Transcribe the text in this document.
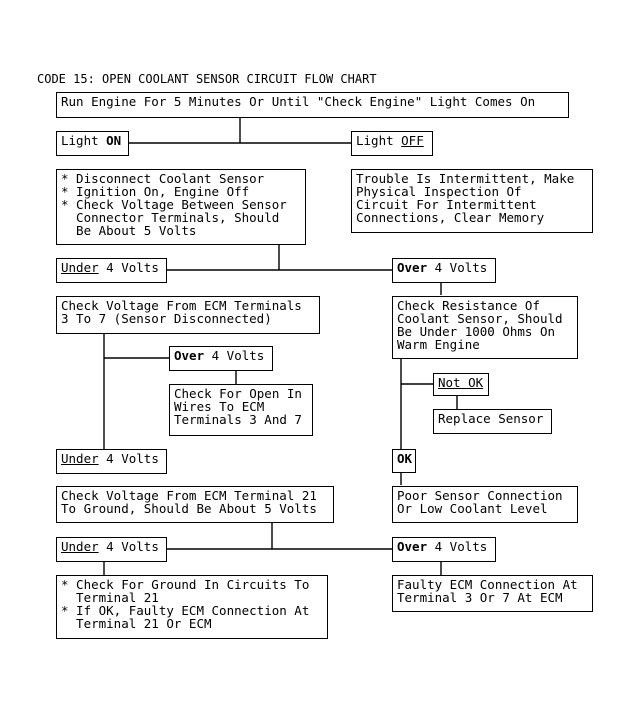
CODE 15: OPEN COOLANT SENSOR CIRCUIT FLOW CHART
Run Engine For 5 Minutes Or Until "Check Engine" Light Comes On
Light ON	Light OFF
* Disconnect Coolant Sensor
* Ignition On, Engine Off
* Check Voltage Between Sensor
Connector Terminals, Should
Be About 5 Volts
Trouble Is Intermittent, Make
Physical Inspection Of
Circuit For Intermittent
Connections, Clear Memory
Under 4 Volts	Over 4 Volts
Check Voltage From ECM Terminals
3 To 7 (Sensor Disconnected)
Check Resistance Of
Coolant Sensor, Should
Be Under 1000 Ohms On
Warm Engine
Over 4 Volts
Check For Open In
Wires To ECM
Terminals 3 And 7
Not OK
Replace Sensor
Under 4 Volts	OK
Check Voltage From ECM Terminal 21
To Ground, Should Be About 5 Volts
Poor Sensor Connection
Or Low Coolant Level
Under 4 Volts	Over 4 Volts
* Check For Ground In Circuits To
Terminal 21
* If OK, Faulty ECM Connection At
Terminal 21 Or ECM
Faulty ECM Connection At
Terminal 3 Or 7 At ECM
